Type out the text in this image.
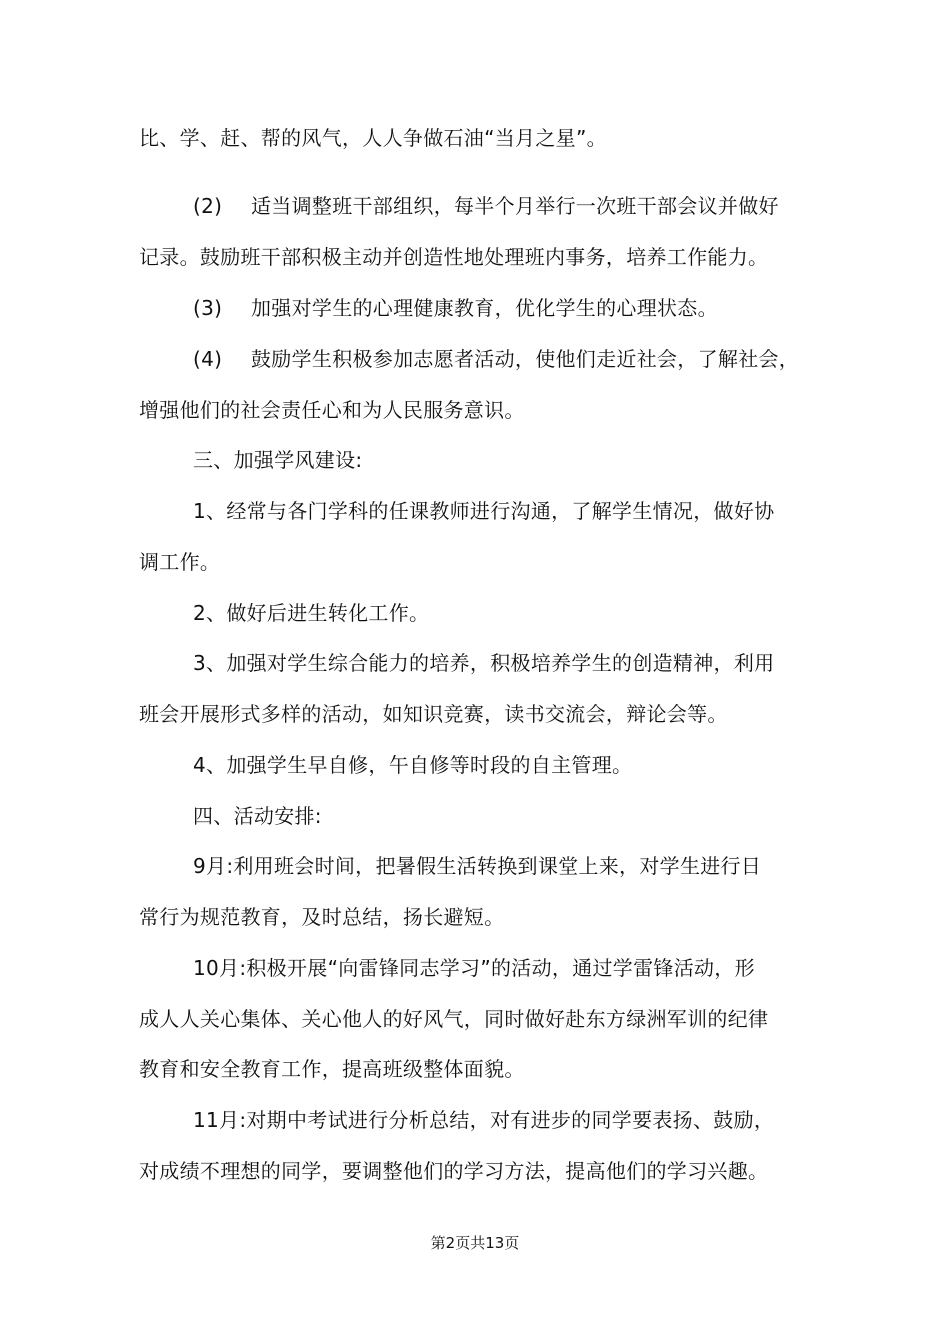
比、学、赶、帮的风气，人人争做石油“当月之星”。
(2) 适当调整班干部组织，每半个月举行一次班干部会议并做好
记录。鼓励班干部积极主动并创造性地处理班内事务，培养工作能力。
(3) 加强对学生的心理健康教育，优化学生的心理状态。
(4) 鼓励学生积极参加志愿者活动，使他们走近社会，了解社会，
增强他们的社会责任心和为人民服务意识。
三、加强学风建设:
1、经常与各门学科的任课教师进行沟通，了解学生情况，做好协
调工作。
2、做好后进生转化工作。
3、加强对学生综合能力的培养，积极培养学生的创造精神，利用
班会开展形式多样的活动，如知识竞赛，读书交流会，辩论会等。
4、加强学生早自修，午自修等时段的自主管理。
四、活动安排:
9月:利用班会时间，把暑假生活转换到课堂上来，对学生进行日
常行为规范教育，及时总结，扬长避短。
10月:积极开展“向雷锋同志学习”的活动，通过学雷锋活动，形
成人人关心集体、关心他人的好风气，同时做好赴东方绿洲军训的纪律
教育和安全教育工作，提高班级整体面貌。
11月:对期中考试进行分析总结，对有进步的同学要表扬、鼓励，
对成绩不理想的同学，要调整他们的学习方法，提高他们的学习兴趣。
第2页共13页
